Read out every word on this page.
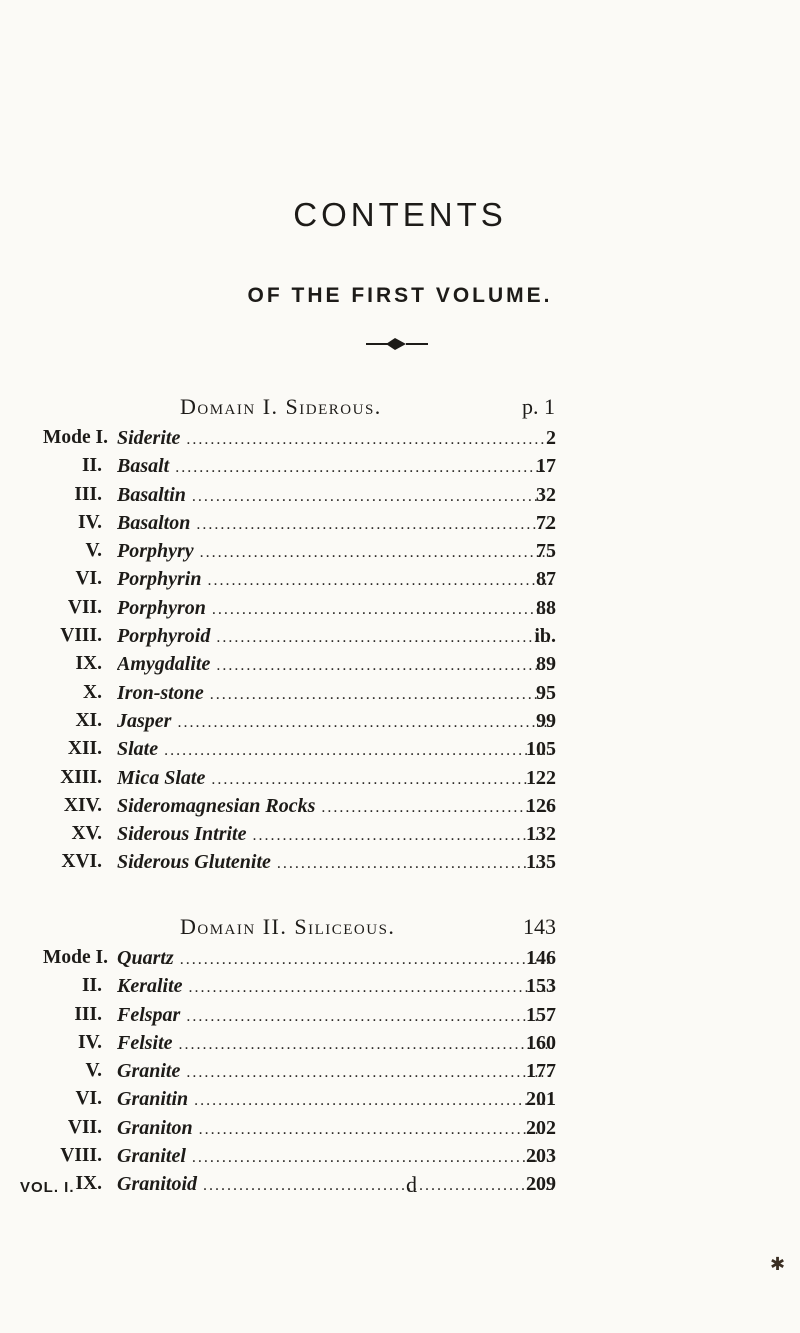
CONTENTS
OF THE FIRST VOLUME.
Domain I. Siderous.	p. 1
Mode I. Siderite .....	2
II. Basalt .....	17
III. Basaltin .....	32
IV. Basalton .....	72
V. Porphyry .....	75
VI. Porphyrin .....	87
VII. Porphyron .....	88
VIII. Porphyroid .....	ib.
IX. Amygdalite .....	89
X. Iron-stone .....	95
XI. Jasper .....	99
XII. Slate .....	105
XIII. Mica Slate .....	122
XIV. Sideromagnesian Rocks .....	126
XV. Siderous Intrite .....	132
XVI. Siderous Glutenite .....	135
Domain II. Siliceous.	143
Mode I. Quartz .....	146
II. Keralite .....	153
III. Felspar .....	157
IV. Felsite .....	160
V. Granite .....	177
VI. Granitin .....	201
VII. Graniton .....	202
VIII. Granitel .....	203
IX. Granitoid .....	209
VOL. I.	d
✱
